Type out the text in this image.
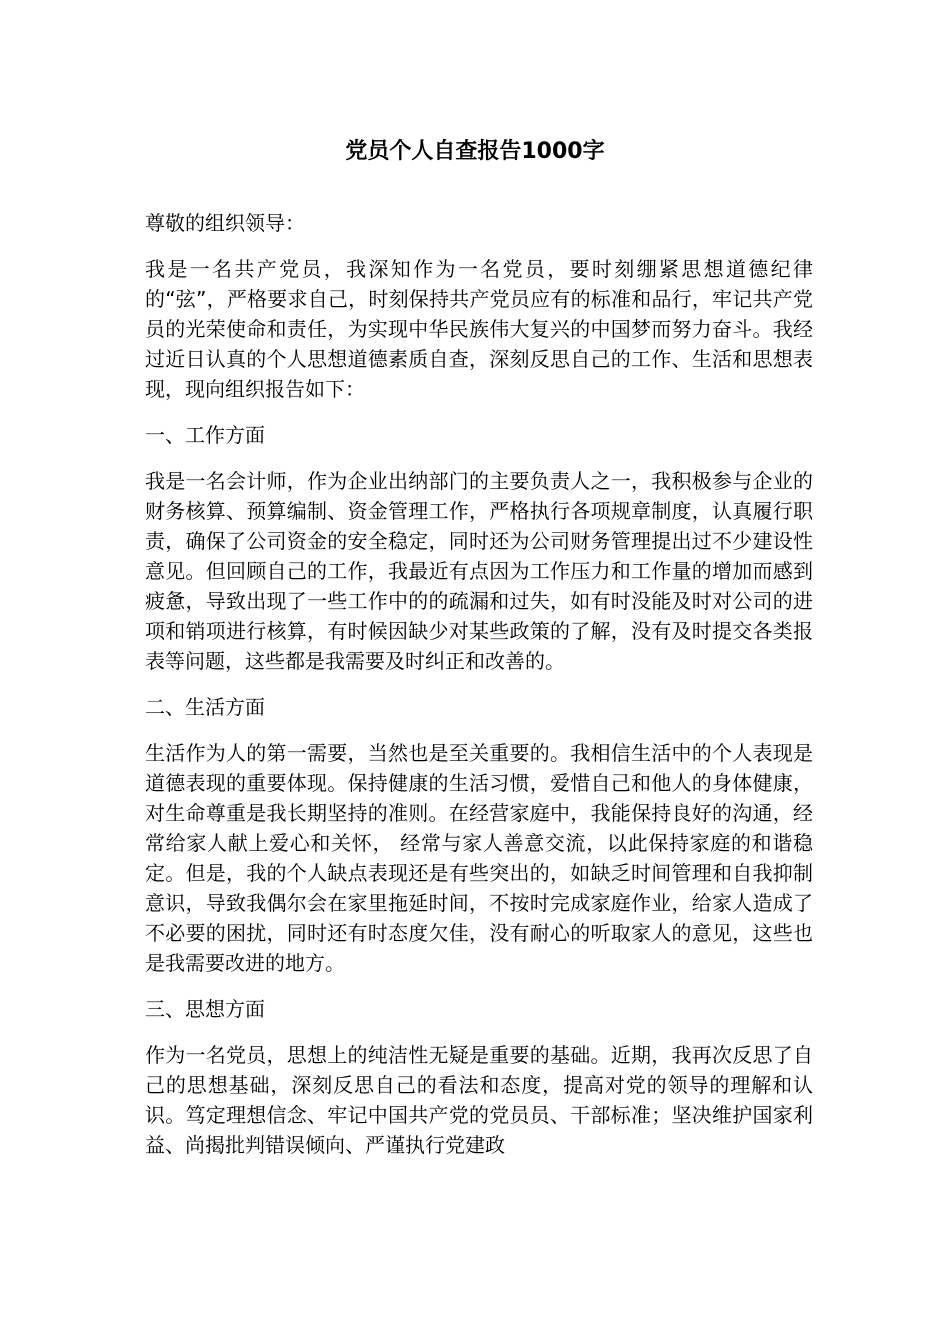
党员个人自查报告1000字

尊敬的组织领导：

我是一名共产党员，我深知作为一名党员，要时刻绷紧思想道德纪律的“弦”，严格要求自己，时刻保持共产党员应有的标准和品行，牢记共产党员的光荣使命和责任，为实现中华民族伟大复兴的中国梦而努力奋斗。我经过近日认真的个人思想道德素质自查，深刻反思自己的工作、生活和思想表现，现向组织报告如下：

一、工作方面

我是一名会计师，作为企业出纳部门的主要负责人之一，我积极参与企业的财务核算、预算编制、资金管理工作，严格执行各项规章制度，认真履行职责，确保了公司资金的安全稳定，同时还为公司财务管理提出过不少建设性意见。但回顾自己的工作，我最近有点因为工作压力和工作量的增加而感到疲惫，导致出现了一些工作中的的疏漏和过失，如有时没能及时对公司的进项和销项进行核算，有时候因缺少对某些政策的了解，没有及时提交各类报表等问题，这些都是我需要及时纠正和改善的。

二、生活方面

生活作为人的第一需要，当然也是至关重要的。我相信生活中的个人表现是道德表现的重要体现。保持健康的生活习惯，爱惜自己和他人的身体健康，对生命尊重是我长期坚持的准则。在经营家庭中，我能保持良好的沟通，经常给家人献上爱心和关怀， 经常与家人善意交流，以此保持家庭的和谐稳定。但是，我的个人缺点表现还是有些突出的，如缺乏时间管理和自我抑制意识，导致我偶尔会在家里拖延时间，不按时完成家庭作业，给家人造成了不必要的困扰，同时还有时态度欠佳，没有耐心的听取家人的意见，这些也是我需要改进的地方。

三、思想方面

作为一名党员，思想上的纯洁性无疑是重要的基础。近期，我再次反思了自己的思想基础，深刻反思自己的看法和态度，提高对党的领导的理解和认识。笃定理想信念、牢记中国共产党的党员员、干部标准；坚决维护国家利益、尚揭批判错误倾向、严谨执行党建政
